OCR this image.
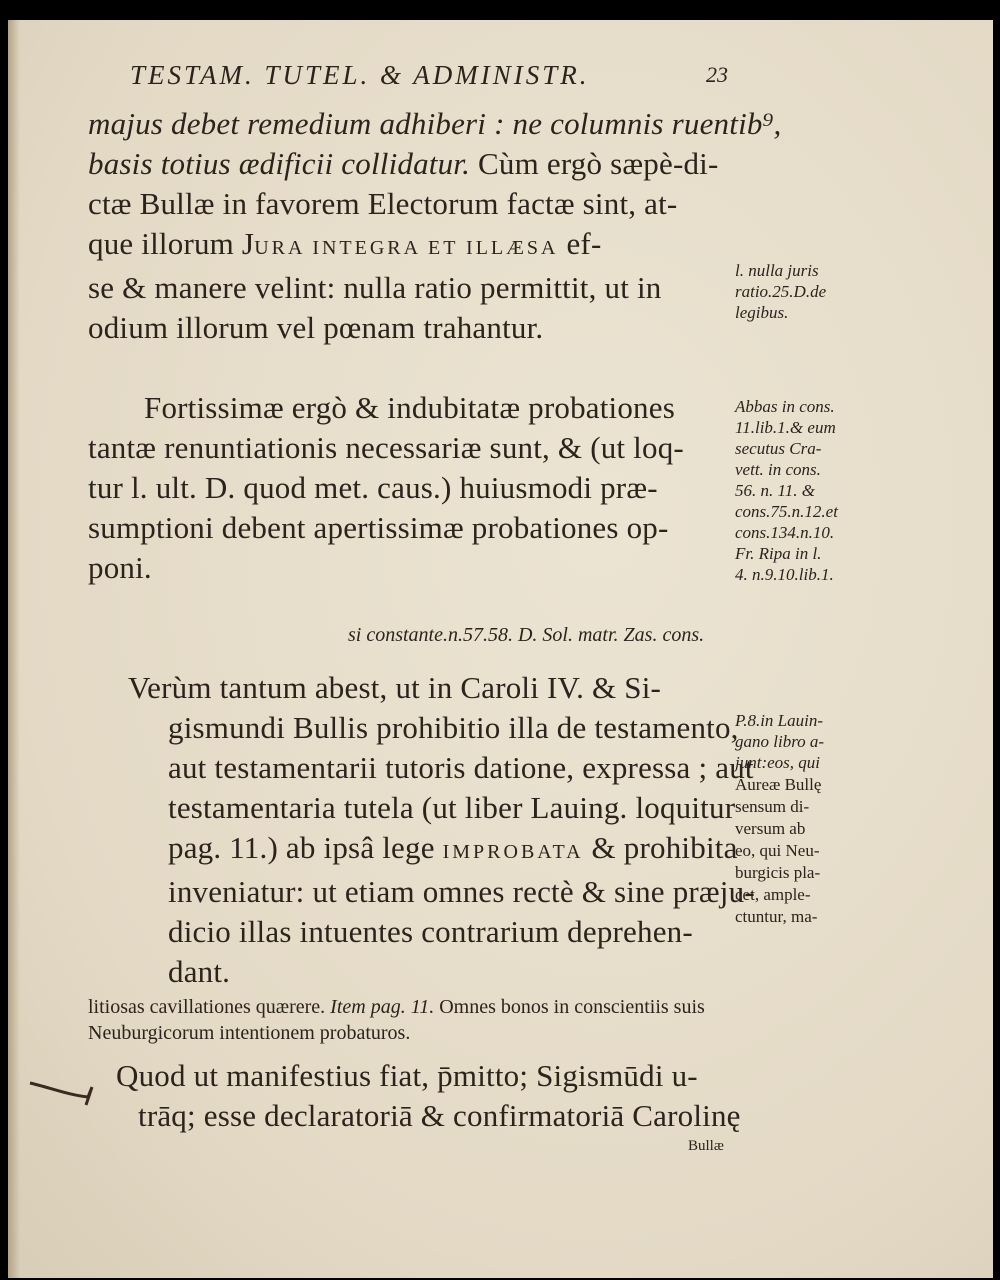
TESTAM. TUTEL. & ADMINISTR.	23
majus debet remedium adhiberi : ne columnis ruentib⁹,
basis totius ædificii collidatur. Cùm ergò sæpè-di-
ctæ Bullæ in favorem Electorum factæ sint, at-
que illorum JURA INTEGRA ET ILLÆSA ef-
se & manere velint: nulla ratio permittit, ut in
odium illorum vel pœnam trahantur.
Fortissimæ ergò & indubitatæ probationes
tantæ renuntiationis necessariæ sunt, & (ut loq-
tur l. ult. D. quod met. caus.) huiusmodi præ-
sumptioni debent apertissimæ probationes op-
poni.
si constante.n.57.58. D. Sol. matr. Zas. cons.
Verùm tantum abest, ut in Caroli IV. & Si-
gismundi Bullis prohibitio illa de testamento,
aut testamentarii tutoris datione, expressa ; aut
testamentaria tutela (ut liber Lauing. loquitur
pag. 11.) ab ipsâ lege IMPROBATA & prohibita
inveniatur: ut etiam omnes rectè & sine præju-
dicio illas intuentes contrarium deprehen-
dant.
litiosas cavillationes quærere. Item pag. 11. Omnes bonos in conscientiis suis
Neuburgicorum intentionem probaturos.
Quod ut manifestius fiat, p̄mitto; Sigismūdi u-
trāq; esse declaratoriā & confirmatoriā Carolinę
Bullæ
l. nulla juris
ratio.25.D.de
legibus.
Abbas in cons.
11.lib.1.& eum
secutus Cra-
vett. in cons.
56. n. 11. &
cons.75.n.12.et
cons.134.n.10.
Fr. Ripa in l.
4. n.9.10.lib.1.
P.8.in Lauin-
gano libro a-
junt:eos, qui
Aureæ Bullę
sensum di-
versum ab
eo, qui Neu-
burgicis pla-
cet, ample-
ctuntur, ma-
